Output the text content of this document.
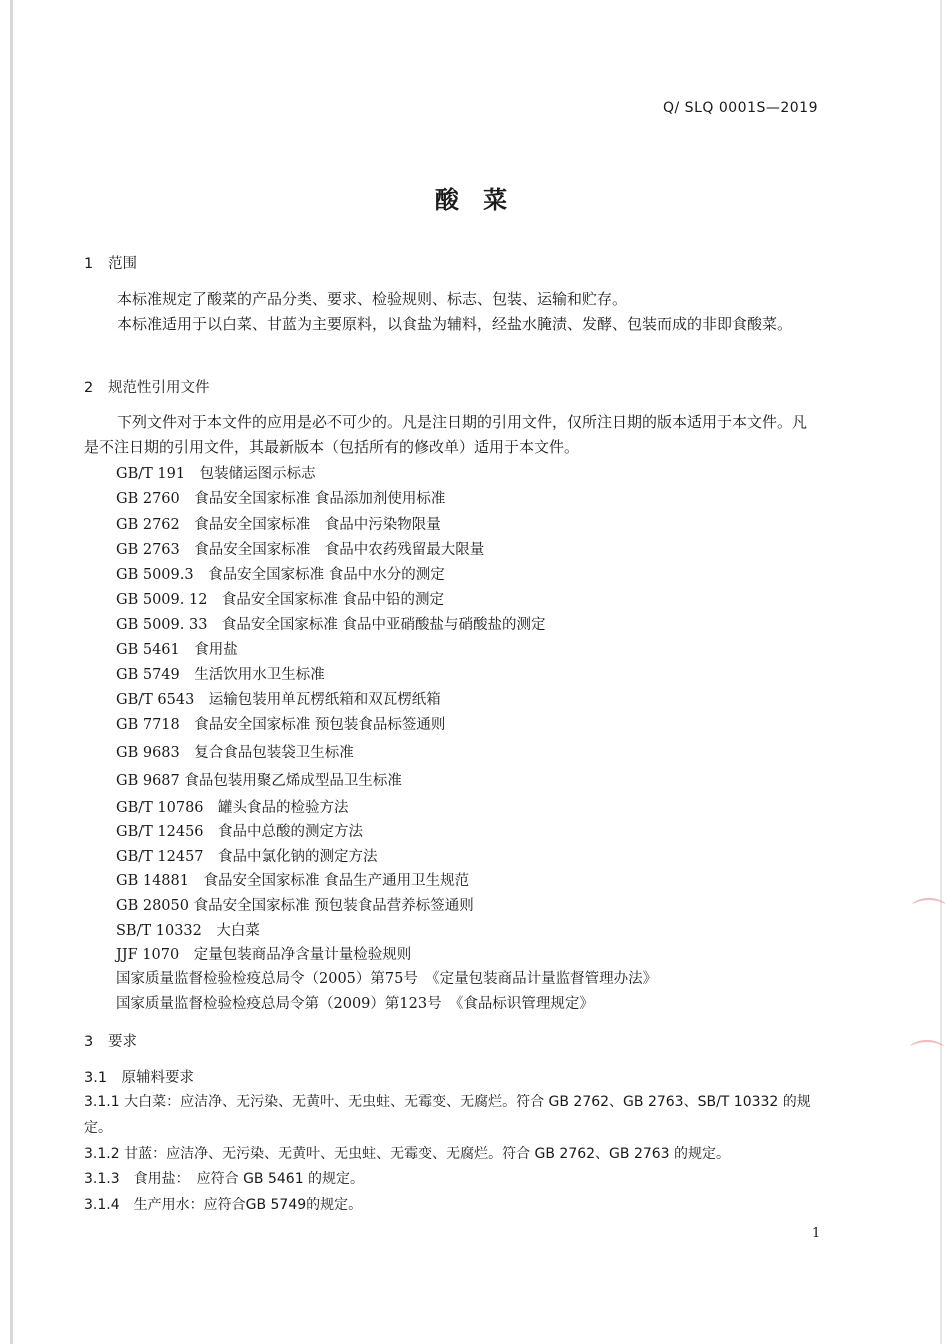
⌒
⌒
Q/ SLQ 0001S—2019
酸 菜
1 范围
本标准规定了酸菜的产品分类、要求、检验规则、标志、包装、运输和贮存。
本标准适用于以白菜、甘蓝为主要原料，以食盐为辅料，经盐水腌渍、发酵、包装而成的非即食酸菜。
2 规范性引用文件
下列文件对于本文件的应用是必不可少的。凡是注日期的引用文件，仅所注日期的版本适用于本文件。凡是不注日期的引用文件，其最新版本（包括所有的修改单）适用于本文件。
GB/T 191　包装储运图示标志
GB 2760　食品安全国家标准 食品添加剂使用标准
GB 2762　食品安全国家标准　食品中污染物限量
GB 2763　食品安全国家标准　食品中农药残留最大限量
GB 5009.3　食品安全国家标准 食品中水分的测定
GB 5009. 12　食品安全国家标准 食品中铅的测定
GB 5009. 33　食品安全国家标准 食品中亚硝酸盐与硝酸盐的测定
GB 5461　食用盐
GB 5749　生活饮用水卫生标准
GB/T 6543　运输包装用单瓦楞纸箱和双瓦楞纸箱
GB 7718　食品安全国家标准 预包装食品标签通则
GB 9683　复合食品包装袋卫生标准
GB 9687 食品包装用聚乙烯成型品卫生标准
GB/T 10786　罐头食品的检验方法
GB/T 12456　食品中总酸的测定方法
GB/T 12457　食品中氯化钠的测定方法
GB 14881　食品安全国家标准 食品生产通用卫生规范
GB 28050 食品安全国家标准 预包装食品营养标签通则
SB/T 10332　大白菜
JJF 1070　定量包装商品净含量计量检验规则
国家质量监督检验检疫总局令（2005）第75号　《定量包装商品计量监督管理办法》
国家质量监督检验检疫总局令第（2009）第123号　《食品标识管理规定》
3 要求
3.1　原辅料要求
3.1.1 大白菜：应洁净、无污染、无黄叶、无虫蛀、无霉变、无腐烂。符合 GB 2762、GB 2763、SB/T 10332 的规定。
3.1.2 甘蓝：应洁净、无污染、无黄叶、无虫蛀、无霉变、无腐烂。符合 GB 2762、GB 2763 的规定。
3.1.3　食用盐：　应符合 GB 5461 的规定。
3.1.4　生产用水：应符合GB 5749的规定。
1
